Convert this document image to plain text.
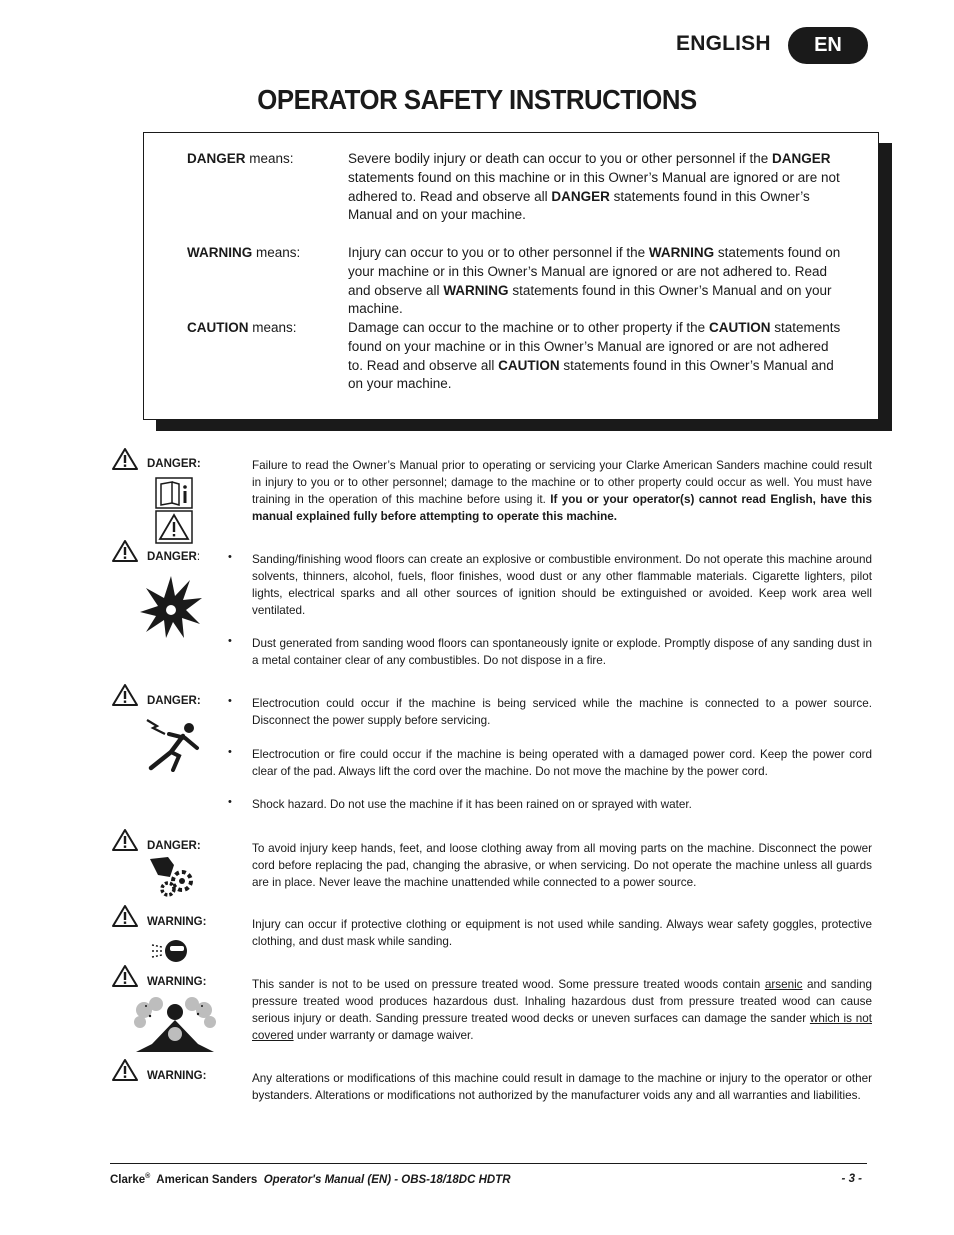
ENGLISH	EN
OPERATOR SAFETY INSTRUCTIONS
DANGER means:	Severe bodily injury or death can occur to you or other personnel if the DANGER statements found on this machine or in this Owner’s Manual are ignored or are not adhered to. Read and observe all DANGER statements found in this Owner’s Manual and on your machine.
WARNING means:	Injury can occur to you or to other personnel if the WARNING statements found on your machine or in this Owner’s Manual are ignored or are not adhered to. Read and observe all WARNING statements found in this Owner’s Manual and on your machine.
CAUTION means:	Damage can occur to the machine or to other property if the CAUTION statements found on your machine or in this Owner’s Manual are ignored or are not adhered to. Read and observe all CAUTION statements found in this Owner’s Manual and on your machine.
DANGER:	Failure to read the Owner’s Manual prior to operating or servicing your Clarke American Sanders machine could result in injury to you or to other personnel; damage to the machine or to other property could occur as well. You must have training in the operation of this machine before using it. If you or your operator(s) cannot read English, have this manual explained fully before attempting to operate this machine.
DANGER:	• Sanding/finishing wood floors can create an explosive or combustible environment. Do not operate this machine around solvents, thinners, alcohol, fuels, floor finishes, wood dust or any other flammable materials. Cigarette lighters, pilot lights, electrical sparks and all other sources of ignition should be extinguished or avoided. Keep work area well ventilated.
• Dust generated from sanding wood floors can spontaneously ignite or explode. Promptly dispose of any sanding dust in a metal container clear of any combustibles. Do not dispose in a fire.
DANGER: • Electrocution could occur if the machine is being serviced while the machine is connected to a power source. Disconnect the power supply before servicing.
• Electrocution or fire could occur if the machine is being operated with a damaged power cord. Keep the power cord clear of the pad. Always lift the cord over the machine. Do not move the machine by the power cord.
• Shock hazard. Do not use the machine if it has been rained on or sprayed with water.
DANGER:	To avoid injury keep hands, feet, and loose clothing away from all moving parts on the machine. Disconnect the power cord before replacing the pad, changing the abrasive, or when servicing. Do not operate the machine unless all guards are in place. Never leave the machine unattended while connected to a power source.
WARNING:	Injury can occur if protective clothing or equipment is not used while sanding. Always wear safety goggles, protective clothing, and dust mask while sanding.
WARNING:	This sander is not to be used on pressure treated wood. Some pressure treated woods contain arsenic and sanding pressure treated wood produces hazardous dust. Inhaling hazardous dust from pressure treated wood can cause serious injury or death. Sanding pressure treated wood decks or uneven surfaces can damage the sander which is not covered under warranty or damage waiver.
WARNING:	Any alterations or modifications of this machine could result in damage to the machine or injury to the operator or other bystanders. Alterations or modifications not authorized by the manufacturer voids any and all warranties and liabilities.
Clarke®  American Sanders  Operator's Manual (EN) - OBS-18/18DC HDTR	- 3 -
